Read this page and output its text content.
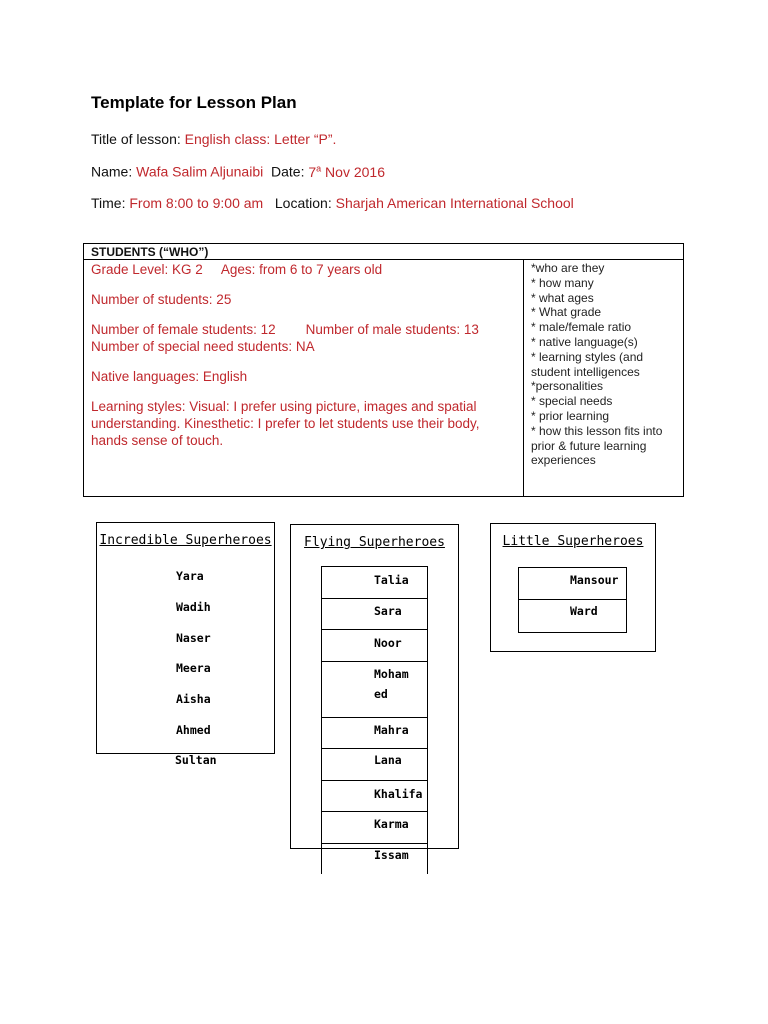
Template for Lesson Plan
Title of lesson: English class: Letter “P”.
Name: Wafa Salim Aljunaibi Date: 7$^a$ Nov 2016
Time: From 8:00 to 9:00 am Location: Sharjah American International School
STUDENTS (“WHO”)

Grade Level: KG 2     Ages: from 6 to 7 years old

Number of students: 25

Number of female students: 12        Number of male students: 13

Number of special need students: NA

Native languages: English

Learning styles: Visual: I prefer using picture, images and spatial understanding. Kinesthetic: I prefer to let students use their body, hands sense of touch.

*who are they
* how many
* what ages
* What grade
* male/female ratio
* native language(s)
* learning styles (and student intelligences
*personalities
* special needs
* prior learning
* how this lesson fits into prior & future learning experiences
Incredible Superheroes
Yara
Wadih
Naser
Meera
Aisha
Ahmed
Sultan
Flying Superheroes
Talia
Sara
Noor
Moham
ed
Mahra
Lana
Khalifa
Karma
Issam
Little Superheroes
Mansour
Ward
